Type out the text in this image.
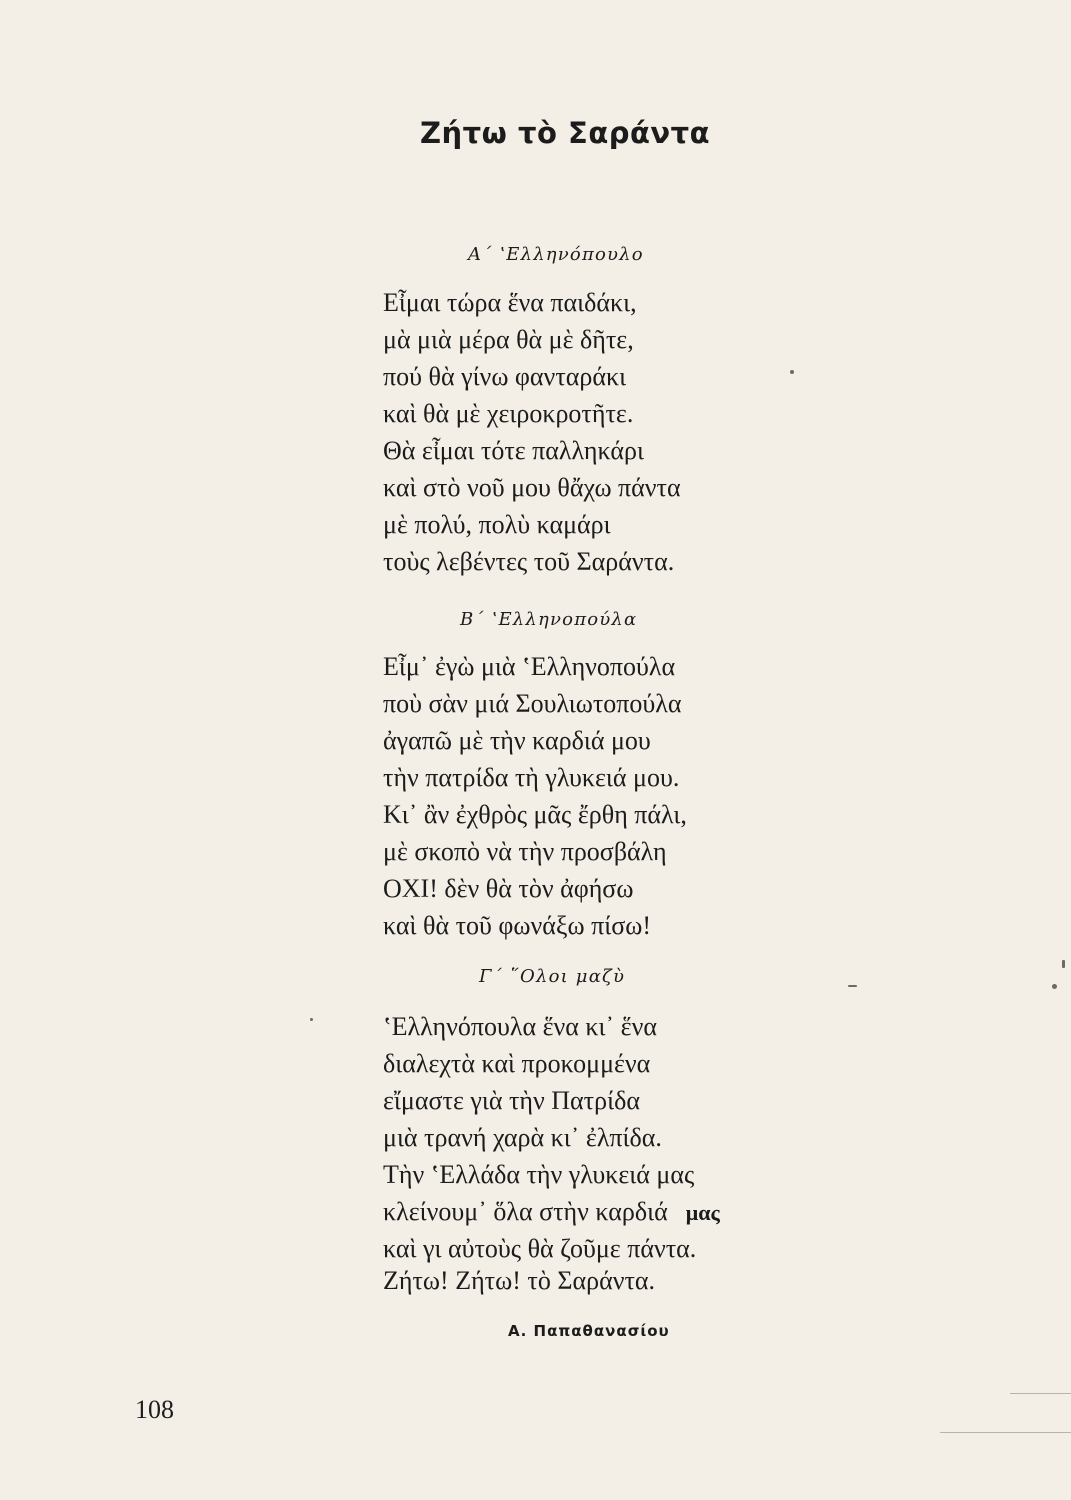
Ζήτω τὸ Σαράντα

Α΄ ʽΕλληνόπουλο

Εἶμαι τώρα ἕνα παιδάκι,
μὰ μιὰ μέρα θὰ μὲ δῆτε,
πού θὰ γίνω φανταράκι
καὶ θὰ μὲ χειροκροτῆτε.
Θὰ εἶμαι τότε παλληκάρι
καὶ στὸ νοῦ μου θἄχω πάντα
μὲ πολύ, πολὺ καμάρι
τοὺς λεβέντες τοῦ Σαράντα.

Β΄ ʽΕλληνοπούλα

Εἶμ᾽ ἐγὼ μιὰ ʽΕλληνοπούλα
ποὺ σὰν μιά Σουλιωτοπούλα
ἀγαπῶ μὲ τὴν καρδιά μου
τὴν πατρίδα τὴ γλυκειά μου.
Κι᾽ ἂν ἐχθρὸς μᾶς ἔρθη πάλι,
μὲ σκοπὸ νὰ τὴν προσβάλη
ΟΧΙ! δὲν θὰ τὸν ἀφήσω
καὶ θὰ τοῦ φωνάξω πίσω!

Γ΄ ῞Ολοι μαζὺ

ʽΕλληνόπουλα ἕνα κι᾽ ἕνα
διαλεχτὰ καὶ προκομμένα
εἴμαστε γιὰ τὴν Πατρίδα
μιὰ τρανή χαρὰ κι᾽ ἐλπίδα.
Τὴν ʽΕλλάδα τὴν γλυκειά μας
κλείνουμ᾽ ὅλα στὴν καρδιά μας
καὶ γι αὐτοὺς θὰ ζοῦμε πάντα.

Ζήτω! Ζήτω! τὸ Σαράντα.

Α. Παπαθανασίου

108
